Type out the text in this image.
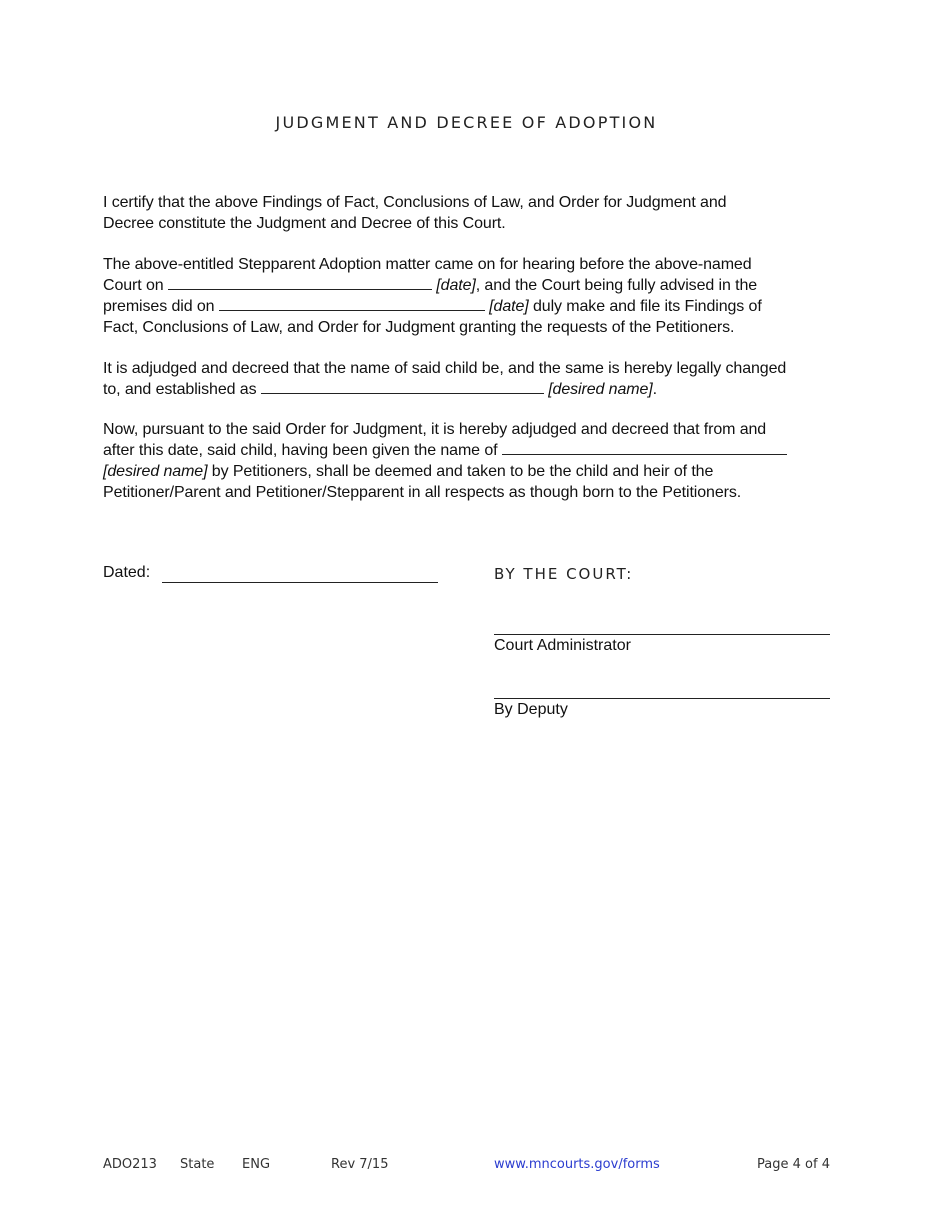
JUDGMENT AND DECREE OF ADOPTION
I certify that the above Findings of Fact, Conclusions of Law, and Order for Judgment and
Decree constitute the Judgment and Decree of this Court.
The above-entitled Stepparent Adoption matter came on for hearing before the above-named
Court on	[date], and the Court being fully advised in the
premises did on	[date] duly make and file its Findings of
Fact, Conclusions of Law, and Order for Judgment granting the requests of the Petitioners.
It is adjudged and decreed that the name of said child be, and the same is hereby legally changed
to, and established as	[desired name].
Now, pursuant to the said Order for Judgment, it is hereby adjudged and decreed that from and
after this date, said child, having been given the name of
[desired name] by Petitioners, shall be deemed and taken to be the child and heir of the
Petitioner/Parent and Petitioner/Stepparent in all respects as though born to the Petitioners.
Dated:	BY THE COURT:
Court Administrator
By Deputy
ADO213 State ENG	Rev 7/15	www.mncourts.gov/forms	Page 4 of 4
